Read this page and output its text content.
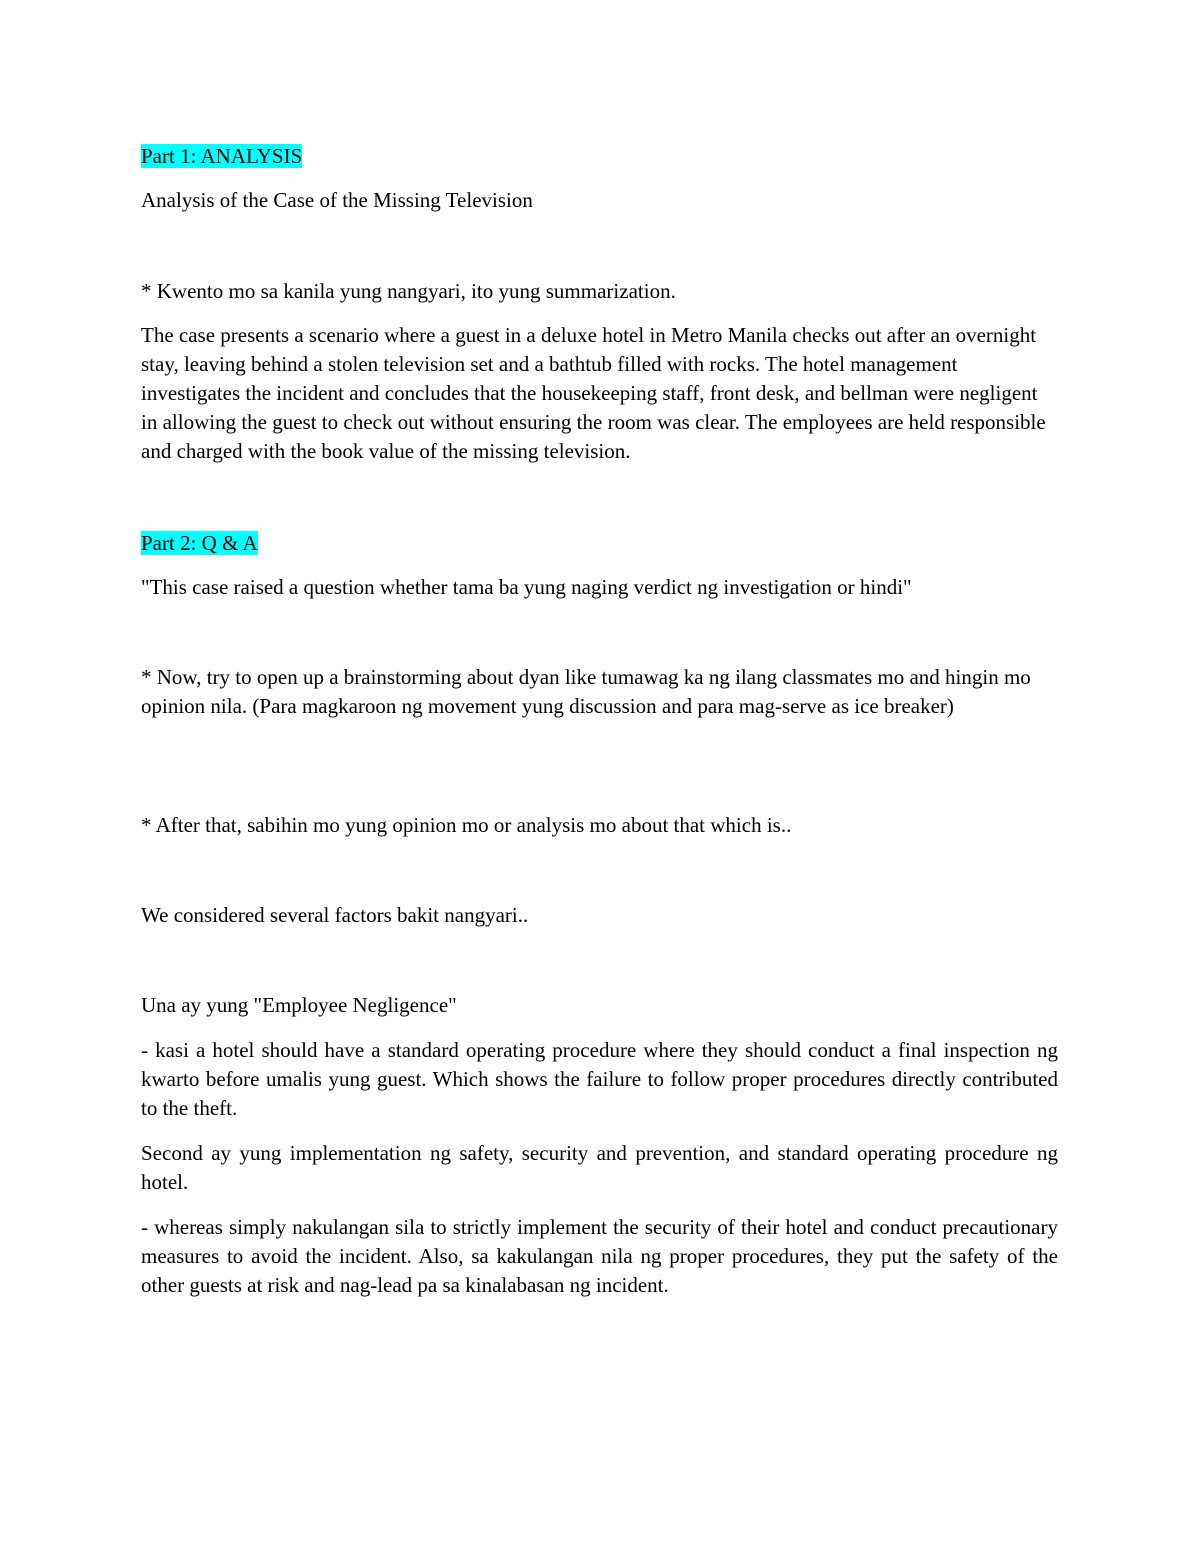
Part 1: ANALYSIS

Analysis of the Case of the Missing Television

* Kwento mo sa kanila yung nangyari, ito yung summarization.

The case presents a scenario where a guest in a deluxe hotel in Metro Manila checks out after an overnight stay, leaving behind a stolen television set and a bathtub filled with rocks. The hotel management investigates the incident and concludes that the housekeeping staff, front desk, and bellman were negligent in allowing the guest to check out without ensuring the room was clear. The employees are held responsible and charged with the book value of the missing television.

Part 2: Q & A

"This case raised a question whether tama ba yung naging verdict ng investigation or hindi"

* Now, try to open up a brainstorming about dyan like tumawag ka ng ilang classmates mo and hingin mo opinion nila. (Para magkaroon ng movement yung discussion and para mag-serve as ice breaker)

* After that, sabihin mo yung opinion mo or analysis mo about that which is..

We considered several factors bakit nangyari..

Una ay yung "Employee Negligence"

- kasi a hotel should have a standard operating procedure where they should conduct a final inspection ng kwarto before umalis yung guest. Which shows the failure to follow proper procedures directly contributed to the theft.

Second ay yung implementation ng safety, security and prevention, and standard operating procedure ng hotel.

- whereas simply nakulangan sila to strictly implement the security of their hotel and conduct precautionary measures to avoid the incident. Also, sa kakulangan nila ng proper procedures, they put the safety of the other guests at risk and nag-lead pa sa kinalabasan ng incident.
